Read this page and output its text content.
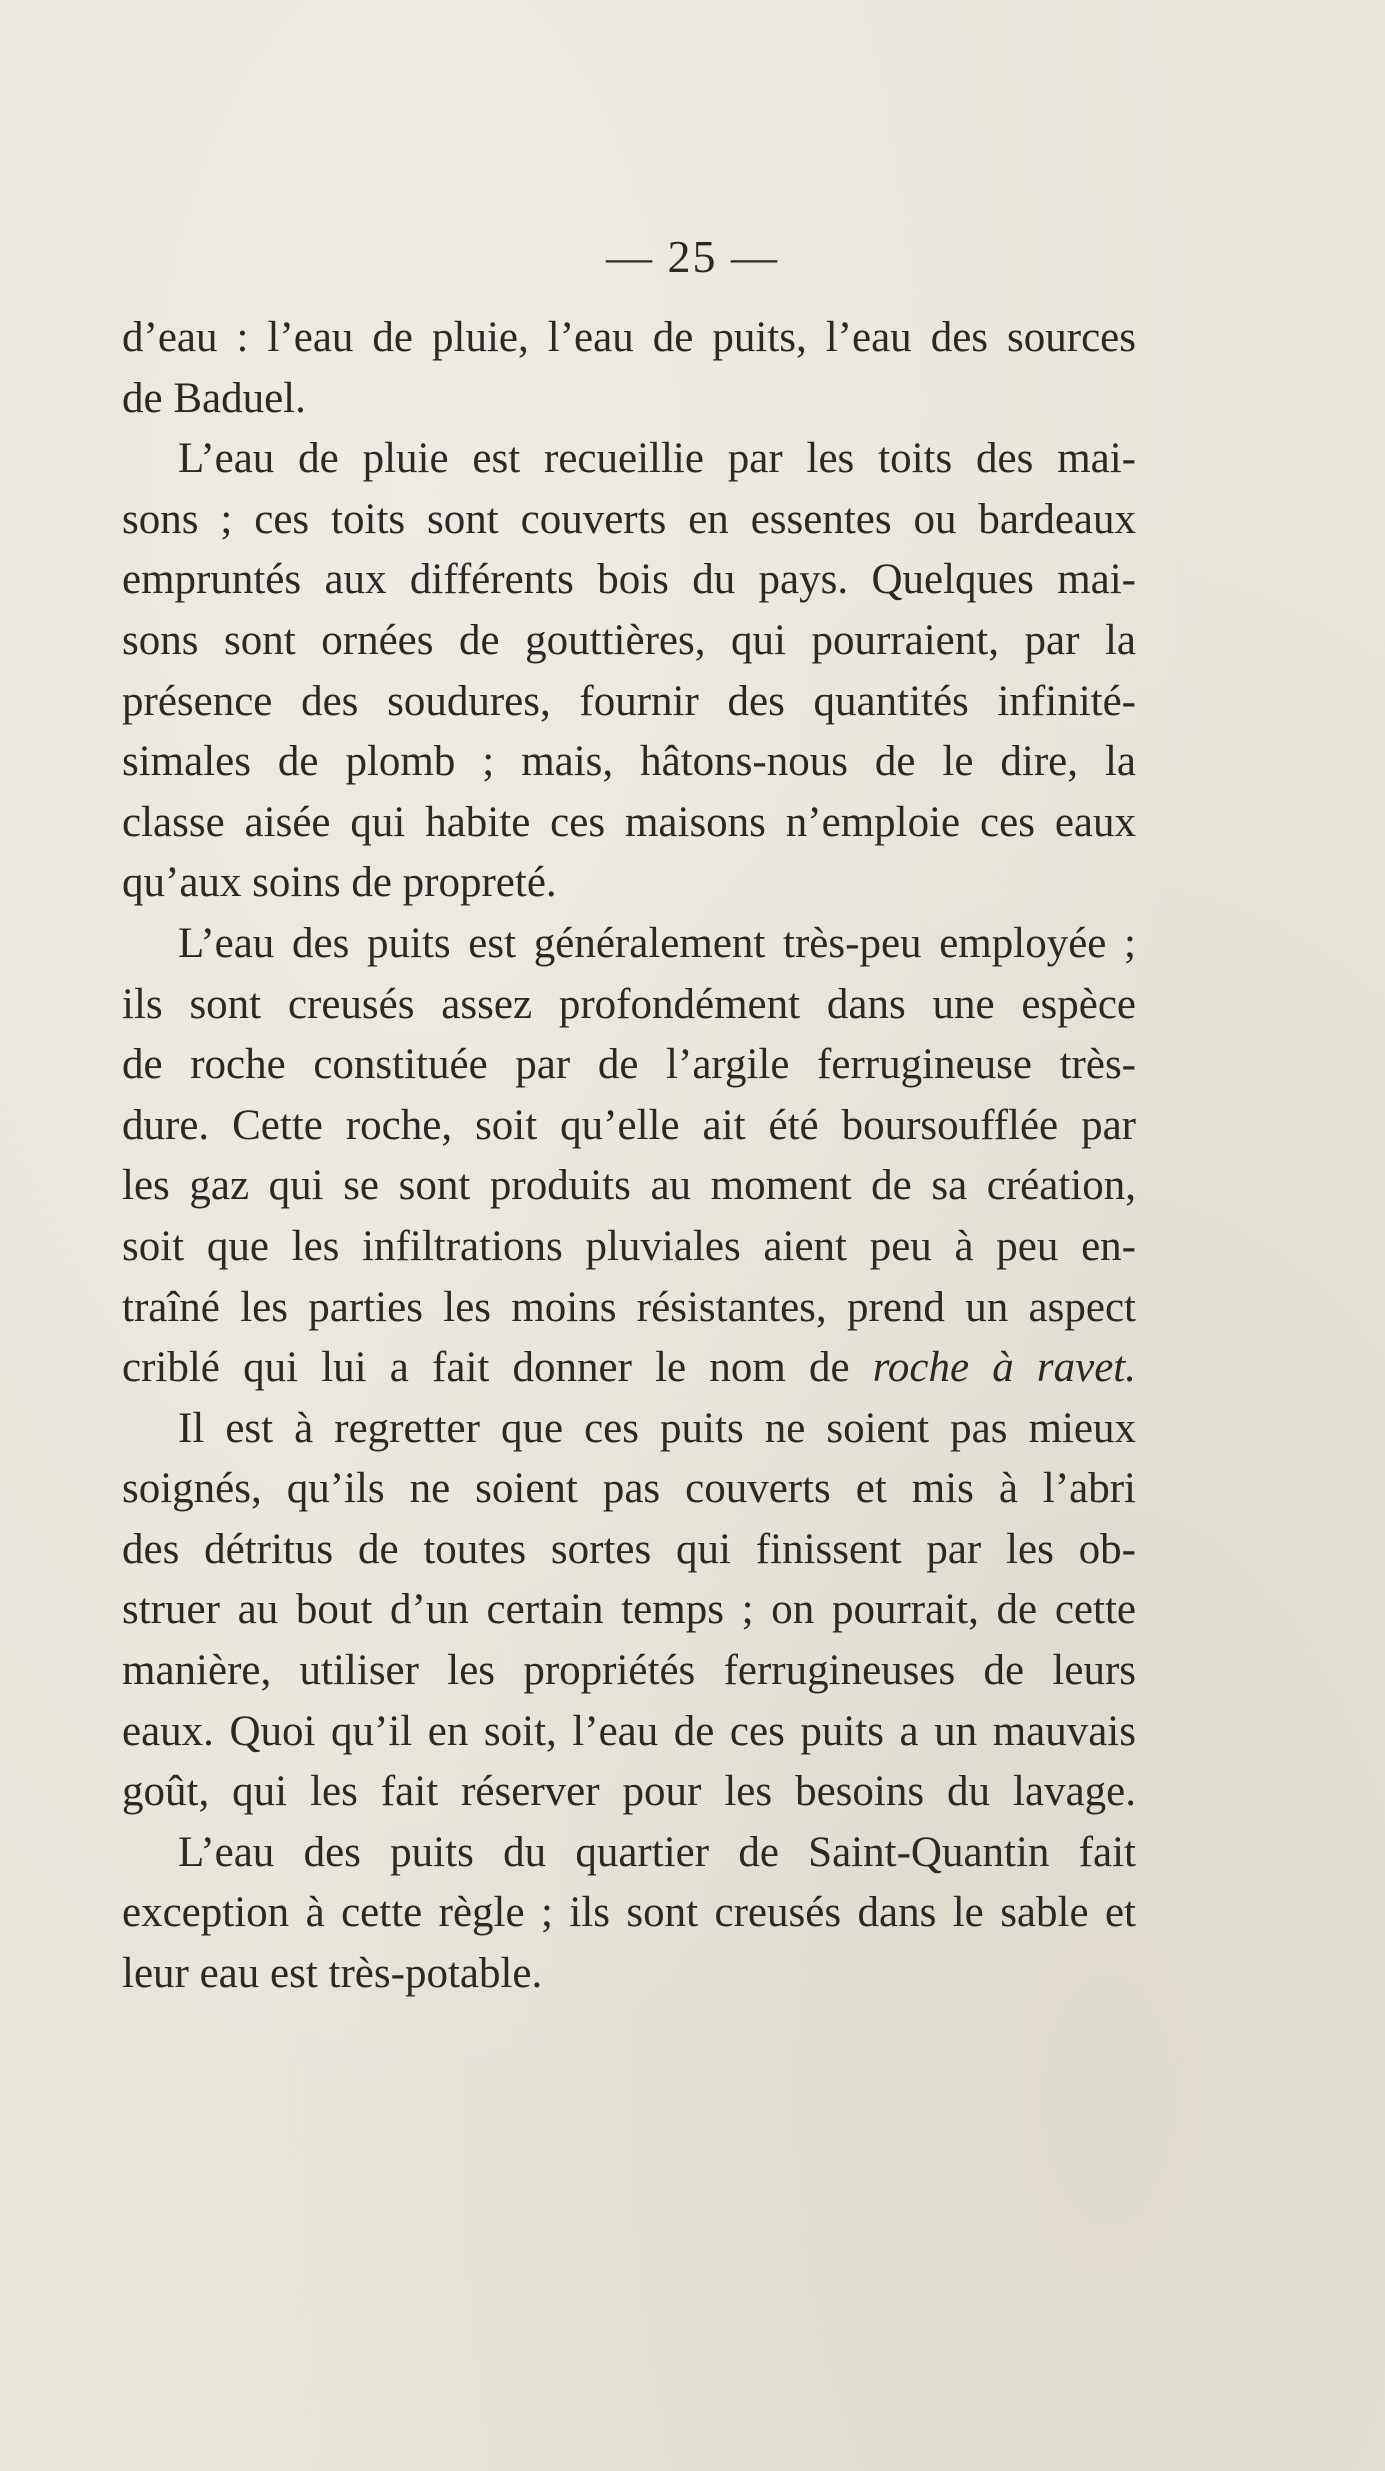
— 25 —
d’eau : l’eau de pluie, l’eau de puits, l’eau des sources
de Baduel.
L’eau de pluie est recueillie par les toits des mai-
sons ; ces toits sont couverts en essentes ou bardeaux
empruntés aux différents bois du pays. Quelques mai-
sons sont ornées de gouttières, qui pourraient, par la
présence des soudures, fournir des quantités infinité-
simales de plomb ; mais, hâtons-nous de le dire, la
classe aisée qui habite ces maisons n’emploie ces eaux
qu’aux soins de propreté.
L’eau des puits est généralement très-peu employée ;
ils sont creusés assez profondément dans une espèce
de roche constituée par de l’argile ferrugineuse très-
dure. Cette roche, soit qu’elle ait été boursoufflée par
les gaz qui se sont produits au moment de sa création,
soit que les infiltrations pluviales aient peu à peu en-
traîné les parties les moins résistantes, prend un aspect
criblé qui lui a fait donner le nom de roche à ravet.
Il est à regretter que ces puits ne soient pas mieux
soignés, qu’ils ne soient pas couverts et mis à l’abri
des détritus de toutes sortes qui finissent par les ob-
struer au bout d’un certain temps ; on pourrait, de cette
manière, utiliser les propriétés ferrugineuses de leurs
eaux. Quoi qu’il en soit, l’eau de ces puits a un mauvais
goût, qui les fait réserver pour les besoins du lavage.
L’eau des puits du quartier de Saint-Quantin fait
exception à cette règle ; ils sont creusés dans le sable et
leur eau est très-potable.
